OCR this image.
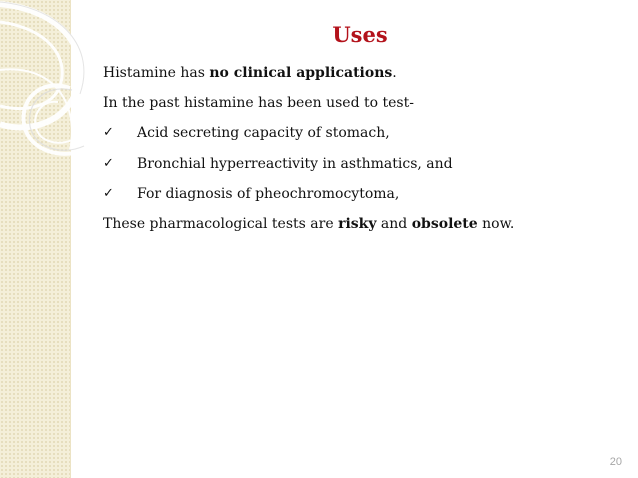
Uses
Histamine has no clinical applications.
In the past histamine has been used to test-
✓ Acid secreting capacity of stomach,
✓ Bronchial hyperreactivity in asthmatics, and
✓ For diagnosis of pheochromocytoma,
These pharmacological tests are risky and obsolete now.

20
